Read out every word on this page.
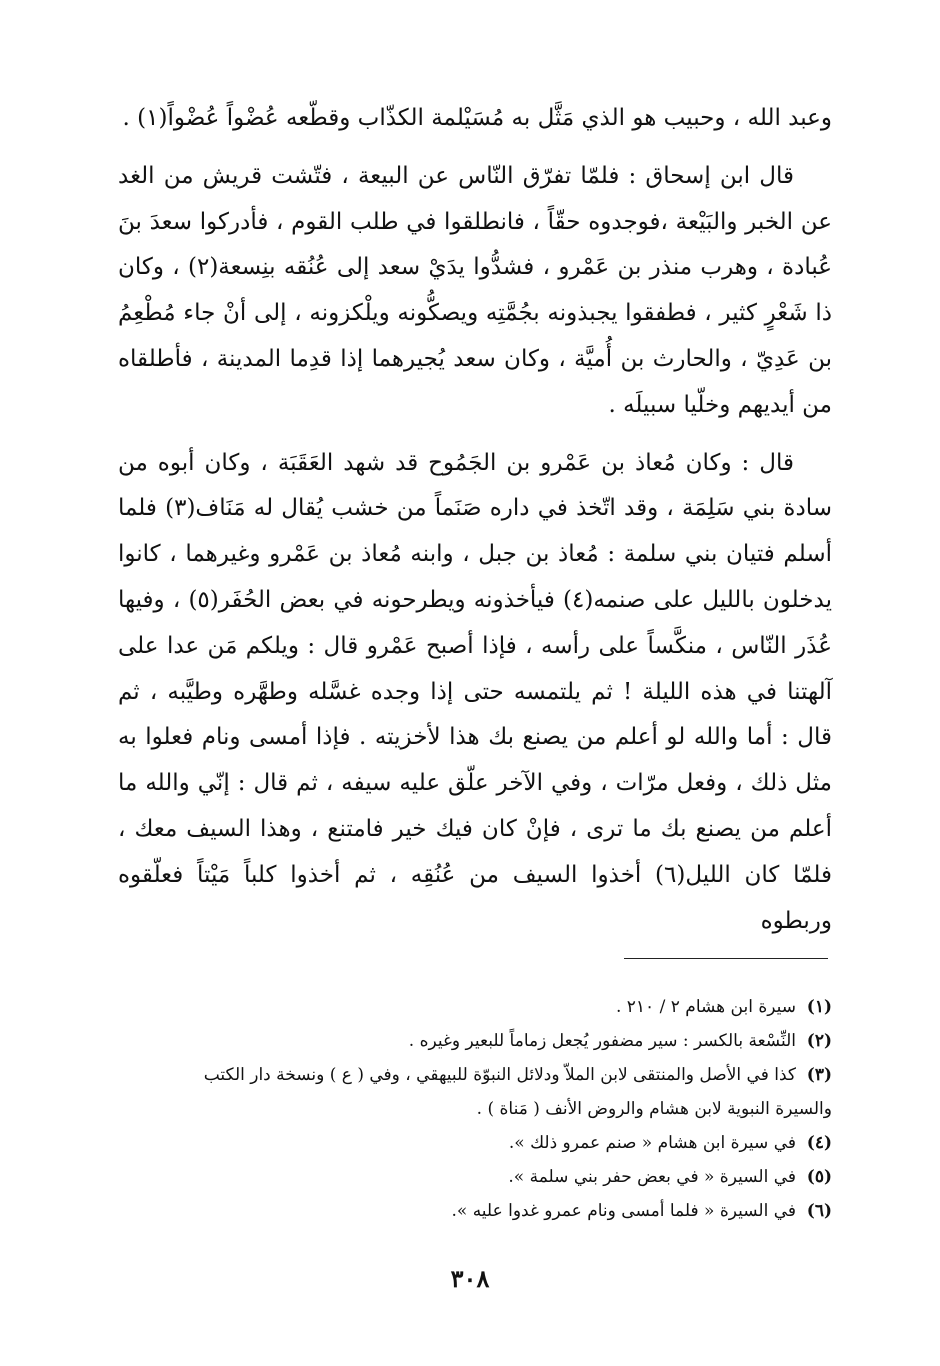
وعبد الله ، وحبيب هو الذي مَثَّل به مُسَيْلمة الكذّاب وقطّعه عُضْواً عُضْواً(١) .

قال ابن إسحاق : فلمّا تفرّق النّاس عن البيعة ، فتّشت قريش من الغد عن الخبر والبَيْعة ،فوجدوه حقّاً ، فانطلقوا في طلب القوم ، فأدركوا سعدَ بنَ عُبادة ، وهرب منذر بن عَمْرو ، فشدُّوا يدَيْ سعد إلى عُنُقه بنِسعة(٢) ، وكان ذا شَعْرٍ كثير ، فطفقوا يجبذونه بجُمَّتِه ويصكُّونه ويلْكزونه ، إلى أنْ جاء مُطْعِمُ بن عَدِيّ ، والحارث بن أُميَّة ، وكان سعد يُجيرهما إذا قدِما المدينة ، فأطلقاه من أيديهم وخلّيا سبيلَه .

قال : وكان مُعاذ بن عَمْرو بن الجَمُوح قد شهد العَقَبَة ، وكان أبوه من سادة بني سَلِمَة ، وقد اتّخذ في داره صَنَماً من خشب يُقال له مَنَاف(٣) فلما أسلم فتيان بني سلمة : مُعاذ بن جبل ، وابنه مُعاذ بن عَمْرو وغيرهما ، كانوا يدخلون بالليل على صنمه(٤) فيأخذونه ويطرحونه في بعض الحُفَر(٥) ، وفيها عُذَر النّاس ، منكَّساً على رأسه ، فإذا أصبح عَمْرو قال : ويلكم مَن عدا على آلهتنا في هذه الليلة ! ثم يلتمسه حتى إذا وجده غسَّله وطهَّره وطيَّبه ، ثم قال : أما والله لو أعلم من يصنع بك هذا لأخزيته . فإذا أمسى ونام فعلوا به مثل ذلك ، وفعل مرّات ، وفي الآخر علّق عليه سيفه ، ثم قال : إنّي والله ما أعلم من يصنع بك ما ترى ، فإنْ كان فيك خير فامتنع ، وهذا السيف معك ، فلمّا كان الليل(٦) أخذوا السيف من عُنُقِه ، ثم أخذوا كلباً مَيْتاً فعلّقوه وربطوه

(١)
سيرة ابن هشام ٢ / ٢١٠ .
(٢)
النِّسْعة بالكسر : سير مضفور يُجعل زماماً للبعير وغيره .
(٣)
كذا في الأصل والمنتقى لابن الملاّ ودلائل النبوّة للبيهقي ، وفي ( ع ) ونسخة دار الكتب
والسيرة النبوية لابن هشام والروض الأنف ( مَناة ) .
(٤)
في سيرة ابن هشام « صنم عمرو ذلك ».
(٥)
في السيرة « في بعض حفر بني سلمة ».
(٦)
في السيرة « فلما أمسى ونام عمرو غدوا عليه ».
٣٠٨
